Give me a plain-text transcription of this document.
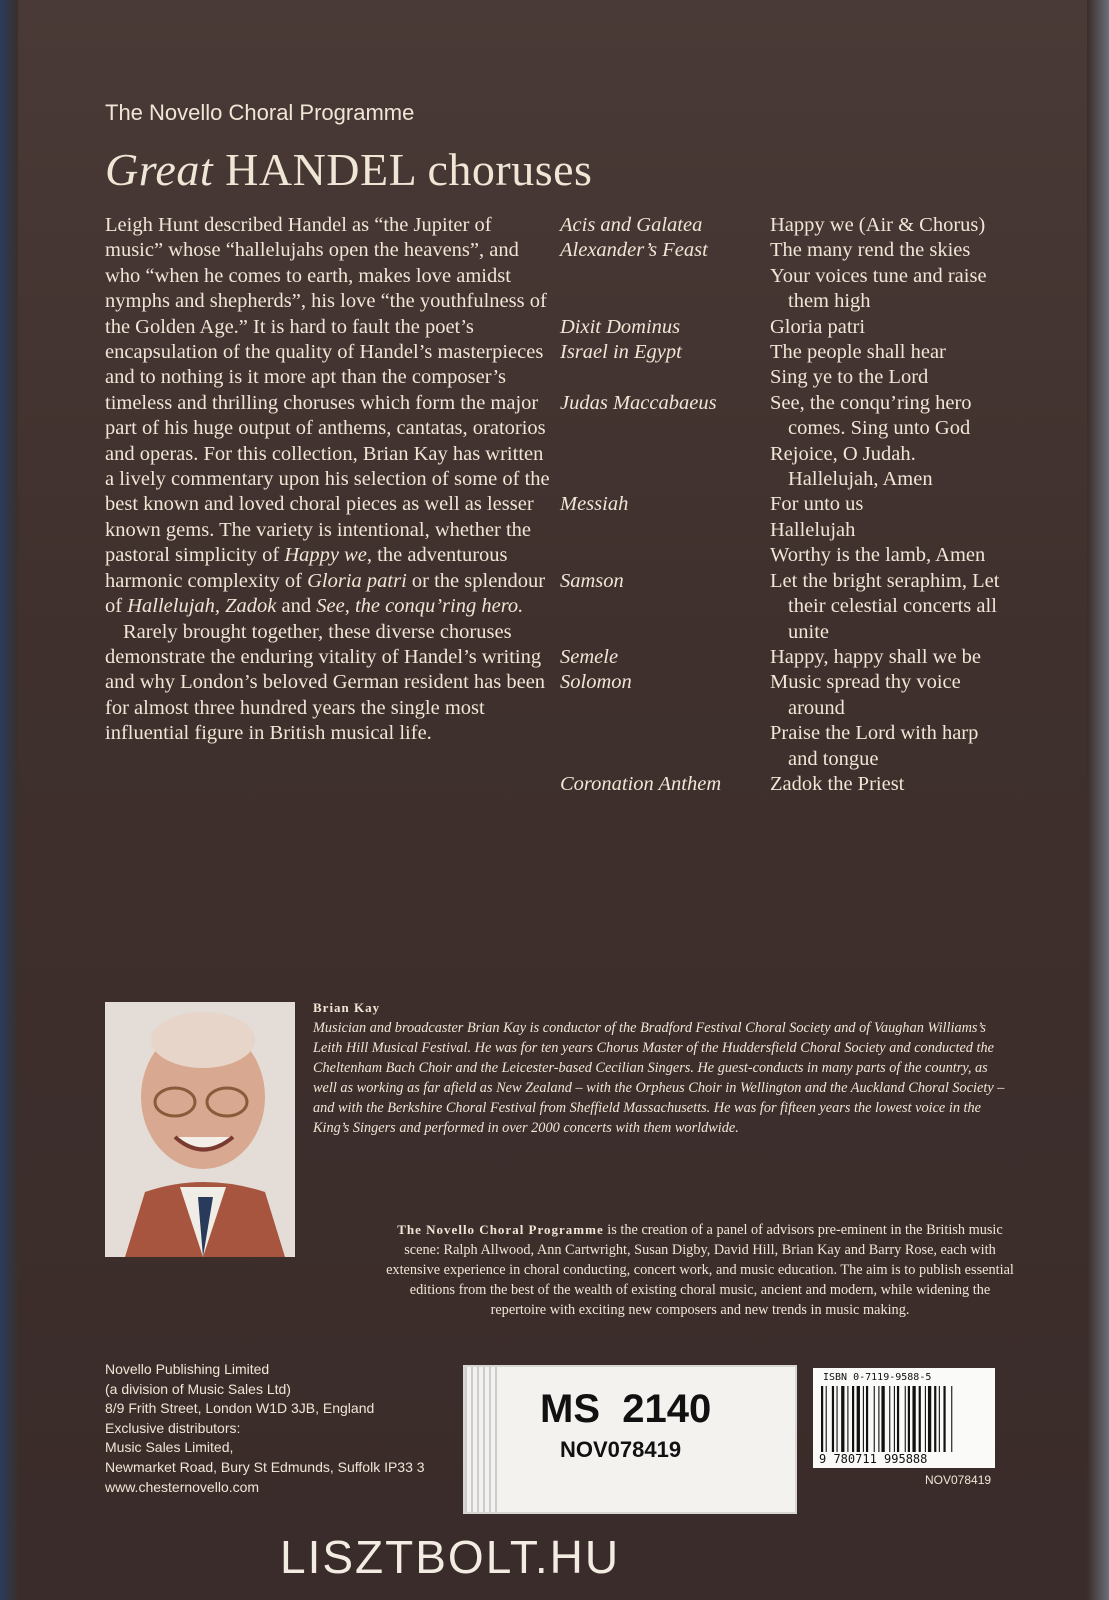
The Novello Choral Programme
Great HANDEL choruses

Leigh Hunt described Handel as “the Jupiter of music” whose “hallelujahs open the heavens”, and who “when he comes to earth, makes love amidst nymphs and shepherds”, his love “the youthfulness of the Golden Age.” It is hard to fault the poet’s encapsulation of the quality of Handel’s masterpieces and to nothing is it more apt than the composer’s timeless and thrilling choruses which form the major part of his huge output of anthems, cantatas, oratorios and operas. For this collection, Brian Kay has written a lively commentary upon his selection of some of the best known and loved choral pieces as well as lesser known gems. The variety is intentional, whether the pastoral simplicity of Happy we, the adventurous harmonic complexity of Gloria patri or the splendour of Hallelujah, Zadok and See, the conqu’ring hero.

Rarely brought together, these diverse choruses demonstrate the enduring vitality of Handel’s writing and why London’s beloved German resident has been for almost three hundred years the single most influential figure in British musical life.

Acis and Galatea	Happy we (Air & Chorus)
Alexander’s Feast	The many rend the skies
Your voices tune and raise them high
Dixit Dominus	Gloria patri
Israel in Egypt	The people shall hear
Sing ye to the Lord
Judas Maccabaeus	See, the conqu’ring hero comes. Sing unto God
Rejoice, O Judah. Hallelujah, Amen
Messiah	For unto us
Hallelujah
Worthy is the lamb, Amen
Samson	Let the bright seraphim, Let their celestial concerts all unite
Semele	Happy, happy shall we be
Solomon	Music spread thy voice around
Praise the Lord with harp and tongue
Coronation Anthem	Zadok the Priest
Brian Kay
Musician and broadcaster Brian Kay is conductor of the Bradford Festival Choral Society and of Vaughan Williams’s Leith Hill Musical Festival. He was for ten years Chorus Master of the Huddersfield Choral Society and conducted the Cheltenham Bach Choir and the Leicester-based Cecilian Singers. He guest-conducts in many parts of the country, as well as working as far afield as New Zealand – with the Orpheus Choir in Wellington and the Auckland Choral Society – and with the Berkshire Choral Festival from Sheffield Massachusetts. He was for fifteen years the lowest voice in the King’s Singers and performed in over 2000 concerts with them worldwide.
The Novello Choral Programme is the creation of a panel of advisors pre-eminent in the British music scene: Ralph Allwood, Ann Cartwright, Susan Digby, David Hill, Brian Kay and Barry Rose, each with extensive experience in choral conducting, concert work, and music education. The aim is to publish essential editions from the best of the wealth of existing choral music, ancient and modern, while widening the repertoire with exciting new composers and new trends in music making.
Novello Publishing Limited
(a division of Music Sales Ltd)
8/9 Frith Street, London W1D 3JB, England
Exclusive distributors:
Music Sales Limited,
Newmarket Road, Bury St Edmunds, Suffolk IP33 3
www.chesternovello.com
MS  2140
NOV078419
ISBN 0-7119-9588-5
9 780711 995888
NOV078419
LISZTBOLT.HU
